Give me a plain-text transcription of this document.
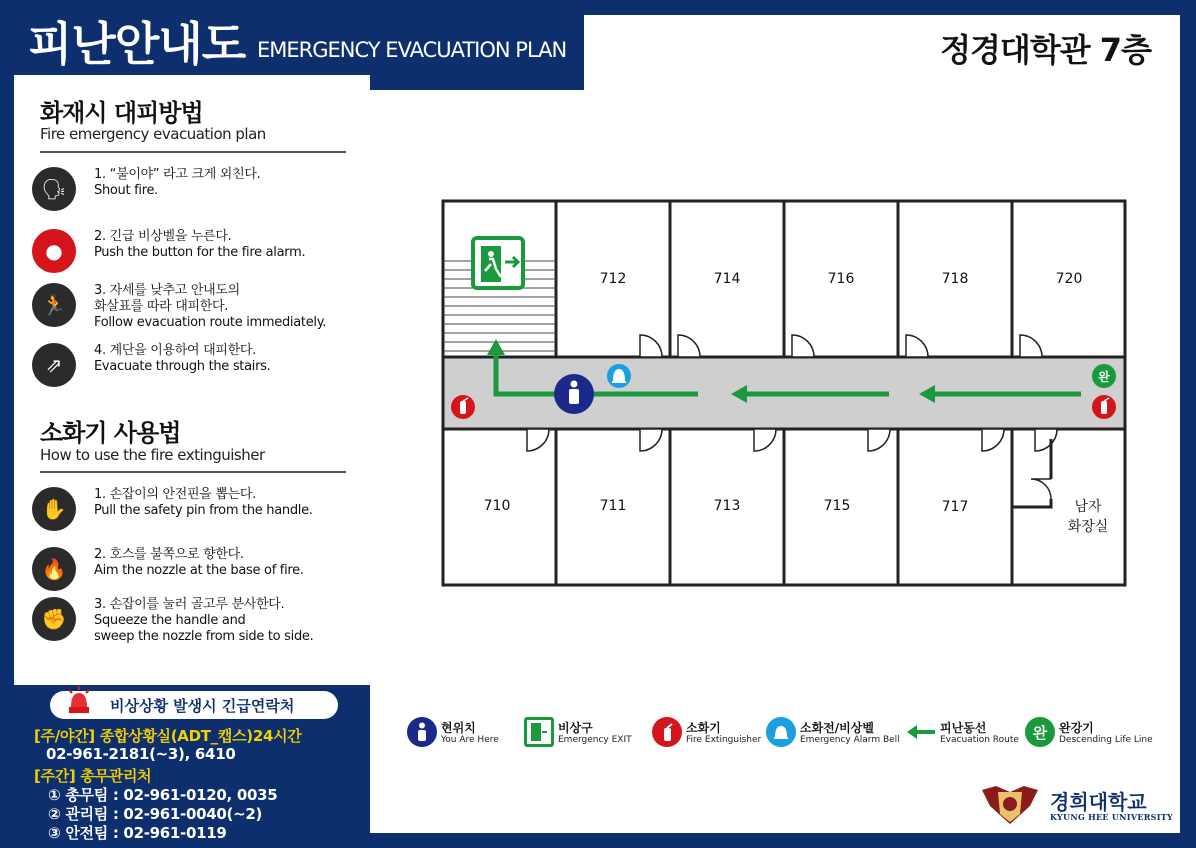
피난안내도 EMERGENCY EVACUATION PLAN
화재시 대피방법
Fire emergency evacuation plan
🗣
1. “불이야” 라고 크게 외친다.
Shout fire.
●
2. 긴급 비상벨을 누른다.
Push the button for the fire alarm.
🏃
3. 자세를 낮추고 안내도의
화살표를 따라 대피한다.
Follow evacuation route immediately.
⇗
4. 계단을 이용하여 대피한다.
Evacuate through the stairs.
소화기 사용법
How to use the fire extinguisher
✋
1. 손잡이의 안전핀을 뽑는다.
Pull the safety pin from the handle.
🔥
2. 호스를 불쪽으로 향한다.
Aim the nozzle at the base of fire.
✊
3. 손잡이를 눌러 골고루 분사한다.
Squeeze the handle and
sweep the nozzle from side to side.
비상상황 발생시 긴급연락처
[주/야간] 종합상황실(ADT_캡스)24시간
02-961-2181(~3), 6410
[주간] 총무관리처
① 총무팀 : 02-961-0120, 0035
② 관리팀 : 02-961-0040(~2)
③ 안전팀 : 02-961-0119
정경대학관 7층
완
712	714	716	718	720
710	711	713	715	717	남자
화장실
현위치
You Are Here
비상구
Emergency EXIT
소화기
Fire Extinguisher
소화전/비상벨
Emergency Alarm Bell
피난동선
Evacuation Route 완 완강기
Descending Life Line
경희대학교
KYUNG HEE UNIVERSITY
